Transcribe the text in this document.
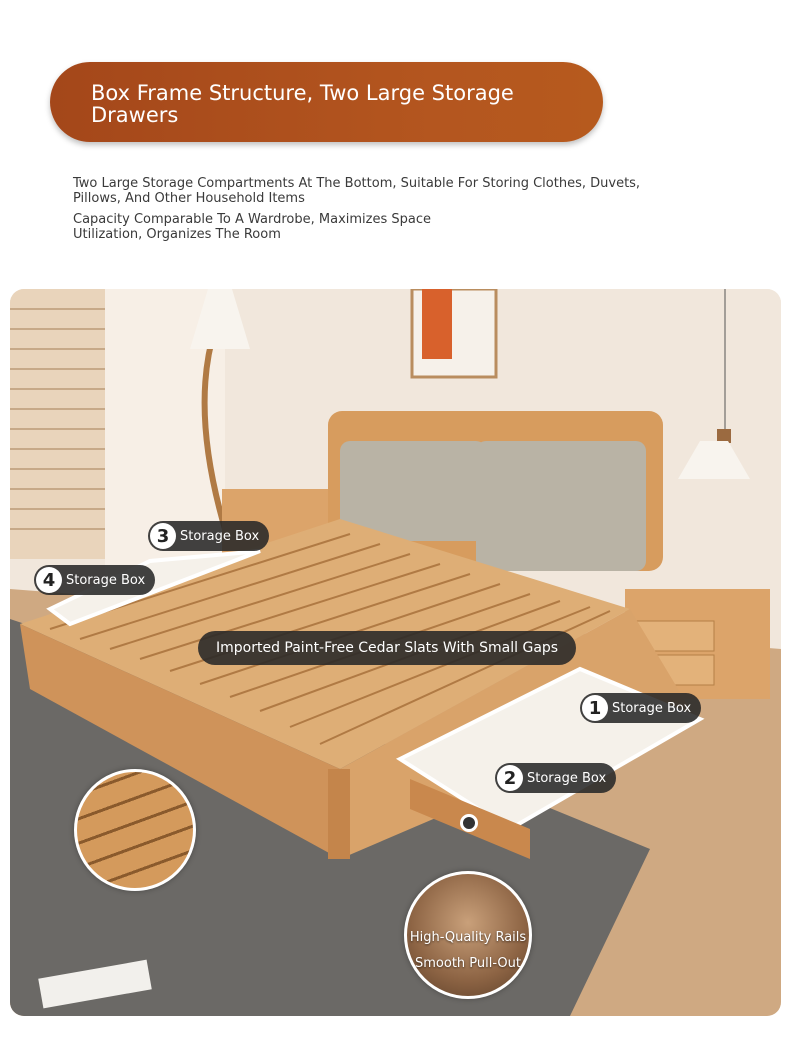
Box Frame Structure, Two Large Storage Drawers
Two Large Storage Compartments At The Bottom, Suitable For Storing Clothes, Duvets, Pillows, And Other Household Items
Capacity Comparable To A Wardrobe, Maximizes Space Utilization, Organizes The Room
3 Storage Box
4 Storage Box
Imported Paint-Free Cedar Slats With Small Gaps
1 Storage Box
2 Storage Box
High-Quality Rails
Smooth Pull-Out
